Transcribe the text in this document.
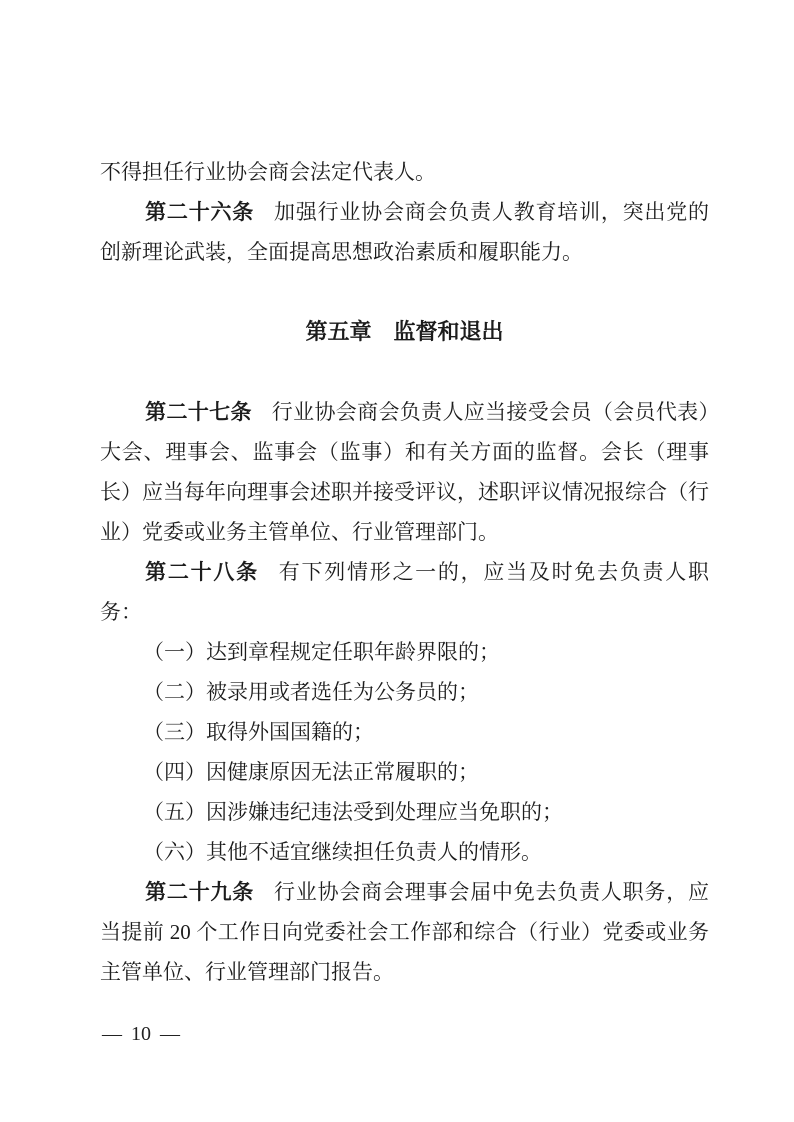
不得担任行业协会商会法定代表人。

第二十六条 加强行业协会商会负责人教育培训，突出党的创新理论武装，全面提高思想政治素质和履职能力。

第五章 监督和退出

第二十七条 行业协会商会负责人应当接受会员（会员代表）大会、理事会、监事会（监事）和有关方面的监督。会长（理事长）应当每年向理事会述职并接受评议，述职评议情况报综合（行业）党委或业务主管单位、行业管理部门。

第二十八条 有下列情形之一的，应当及时免去负责人职务：

（一）达到章程规定任职年龄界限的；

（二）被录用或者选任为公务员的；

（三）取得外国国籍的；

（四）因健康原因无法正常履职的；

（五）因涉嫌违纪违法受到处理应当免职的；

（六）其他不适宜继续担任负责人的情形。

第二十九条 行业协会商会理事会届中免去负责人职务，应当提前 20 个工作日向党委社会工作部和综合（行业）党委或业务主管单位、行业管理部门报告。

— 10 —
